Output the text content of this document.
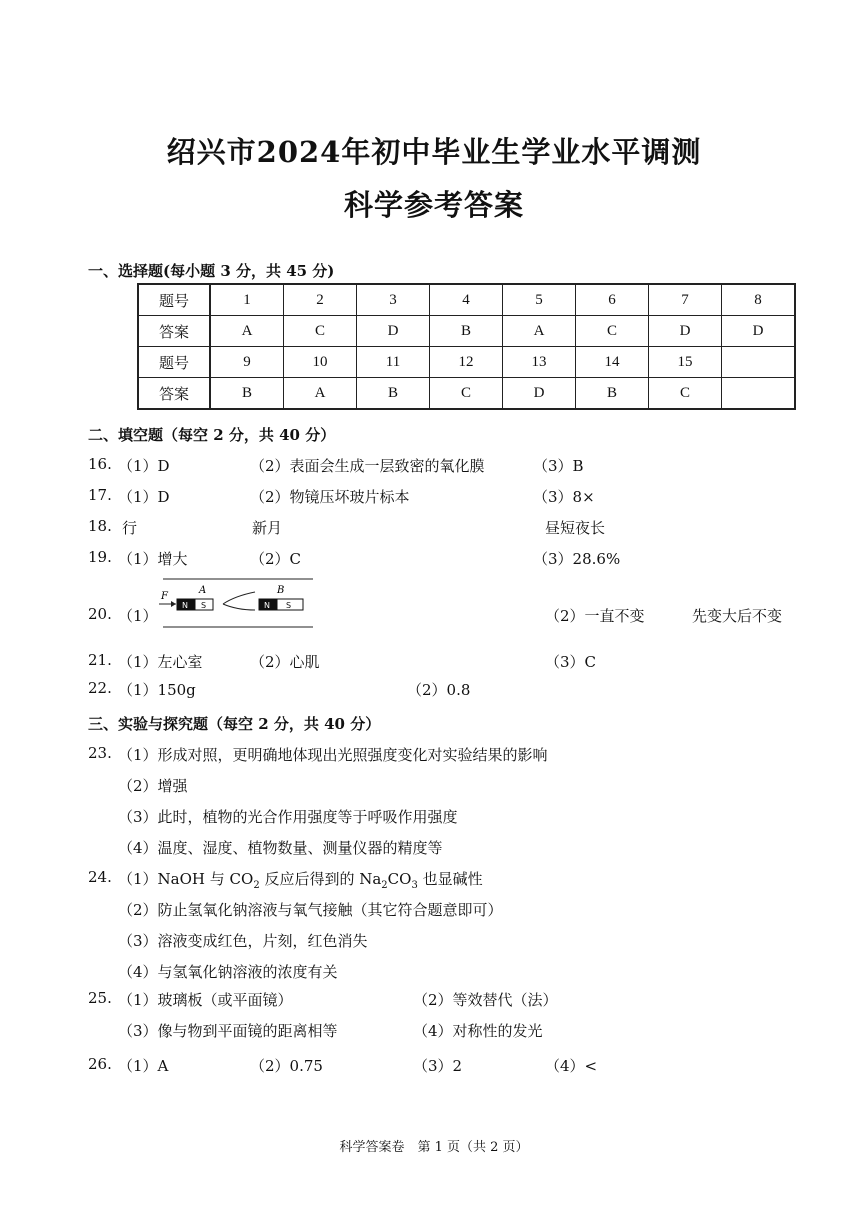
绍兴市2024年初中毕业生学业水平调测
科学参考答案
一、选择题(每小题 3 分，共 45 分)
题号	1	2	3	4	5	6	7	8
答案	A	C	D	B	A	C	D	D
题号	9	10	11	12	13	14	15	
答案	B	A	B	C	D	B	C	
二、填空题（每空 2 分，共 40 分）
16. （1）D	（2）表面会生成一层致密的氧化膜	（3）B
17. （1）D	（2）物镜压坏玻片标本	（3）8×
18. 行	新月	昼短夜长
19. （1）增大	（2）C	（3）28.6%
20. （1）
F
A
N S
B
N S
（2）一直不变	先变大后不变
21. （1）左心室	（2）心肌	（3）C
22. （1）150g	（2）0.8
三、实验与探究题（每空 2 分，共 40 分）
23. （1）形成对照，更明确地体现出光照强度变化对实验结果的影响
（2）增强
（3）此时，植物的光合作用强度等于呼吸作用强度
（4）温度、湿度、植物数量、测量仪器的精度等
24. （1）NaOH 与 $CO_2$ 反应后得到的 $Na_2CO_3$ 也显碱性
（2）防止氢氧化钠溶液与氧气接触（其它符合题意即可）
（3）溶液变成红色，片刻，红色消失
（4）与氢氧化钠溶液的浓度有关
25. （1）玻璃板（或平面镜）	（2）等效替代（法）
（3）像与物到平面镜的距离相等	（4）对称性的发光
26. （1）A	（2）0.75	（3）2	（4）<
科学答案卷　第 1 页（共 2 页）
